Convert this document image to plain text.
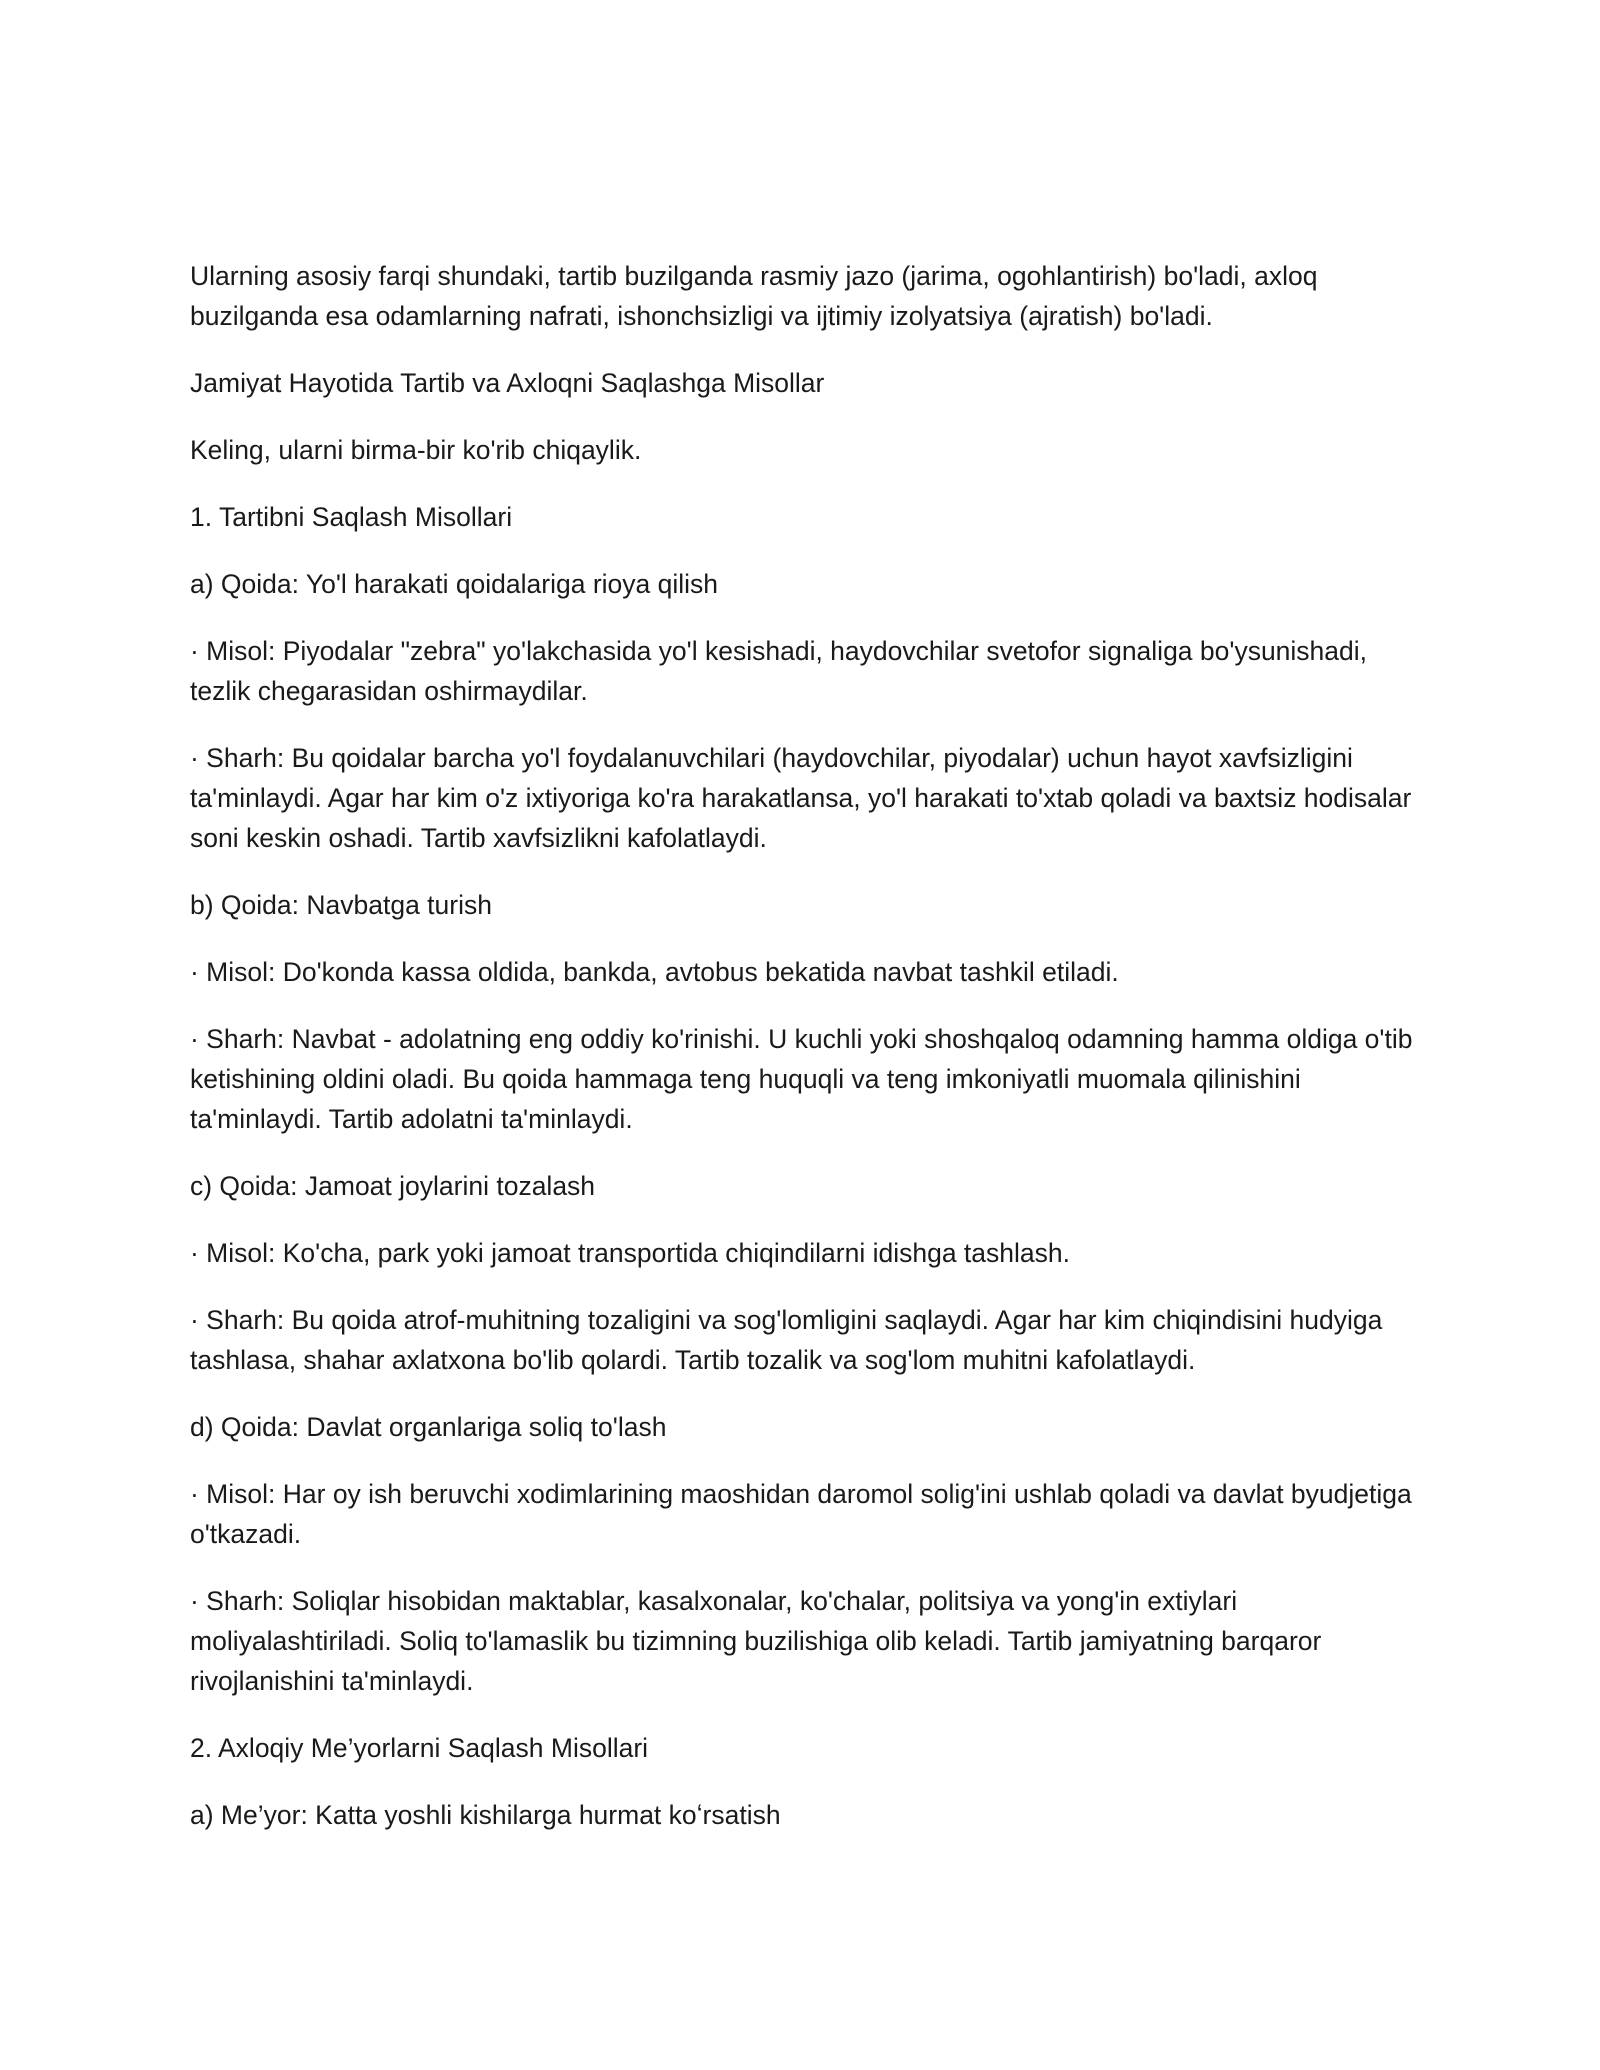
Ularning asosiy farqi shundaki, tartib buzilganda rasmiy jazo (jarima, ogohlantirish) bo'ladi, axloq buzilganda esa odamlarning nafrati, ishonchsizligi va ijtimiy izolyatsiya (ajratish) bo'ladi.

Jamiyat Hayotida Tartib va Axloqni Saqlashga Misollar

Keling, ularni birma-bir ko'rib chiqaylik.

1. Tartibni Saqlash Misollari

a) Qoida: Yo'l harakati qoidalariga rioya qilish

· Misol: Piyodalar "zebra" yo'lakchasida yo'l kesishadi, haydovchilar svetofor signaliga bo'ysunishadi, tezlik chegarasidan oshirmaydilar.

· Sharh: Bu qoidalar barcha yo'l foydalanuvchilari (haydovchilar, piyodalar) uchun hayot xavfsizligini ta'minlaydi. Agar har kim o'z ixtiyoriga ko'ra harakatlansa, yo'l harakati to'xtab qoladi va baxtsiz hodisalar soni keskin oshadi. Tartib xavfsizlikni kafolatlaydi.

b) Qoida: Navbatga turish

· Misol: Do'konda kassa oldida, bankda, avtobus bekatida navbat tashkil etiladi.

· Sharh: Navbat - adolatning eng oddiy ko'rinishi. U kuchli yoki shoshqaloq odamning hamma oldiga o'tib ketishining oldini oladi. Bu qoida hammaga teng huquqli va teng imkoniyatli muomala qilinishini ta'minlaydi. Tartib adolatni ta'minlaydi.

c) Qoida: Jamoat joylarini tozalash

· Misol: Ko'cha, park yoki jamoat transportida chiqindilarni idishga tashlash.

· Sharh: Bu qoida atrof-muhitning tozaligini va sog'lomligini saqlaydi. Agar har kim chiqindisini hudyiga tashlasa, shahar axlatxona bo'lib qolardi. Tartib tozalik va sog'lom muhitni kafolatlaydi.

d) Qoida: Davlat organlariga soliq to'lash

· Misol: Har oy ish beruvchi xodimlarining maoshidan daromol solig'ini ushlab qoladi va davlat byudjetiga o'tkazadi.

· Sharh: Soliqlar hisobidan maktablar, kasalxonalar, ko'chalar, politsiya va yong'in extiylari moliyalashtiriladi. Soliq to'lamaslik bu tizimning buzilishiga olib keladi. Tartib jamiyatning barqaror rivojlanishini ta'minlaydi.

2. Axloqiy Me’yorlarni Saqlash Misollari

a) Me’yor: Katta yoshli kishilarga hurmat koʻrsatish
